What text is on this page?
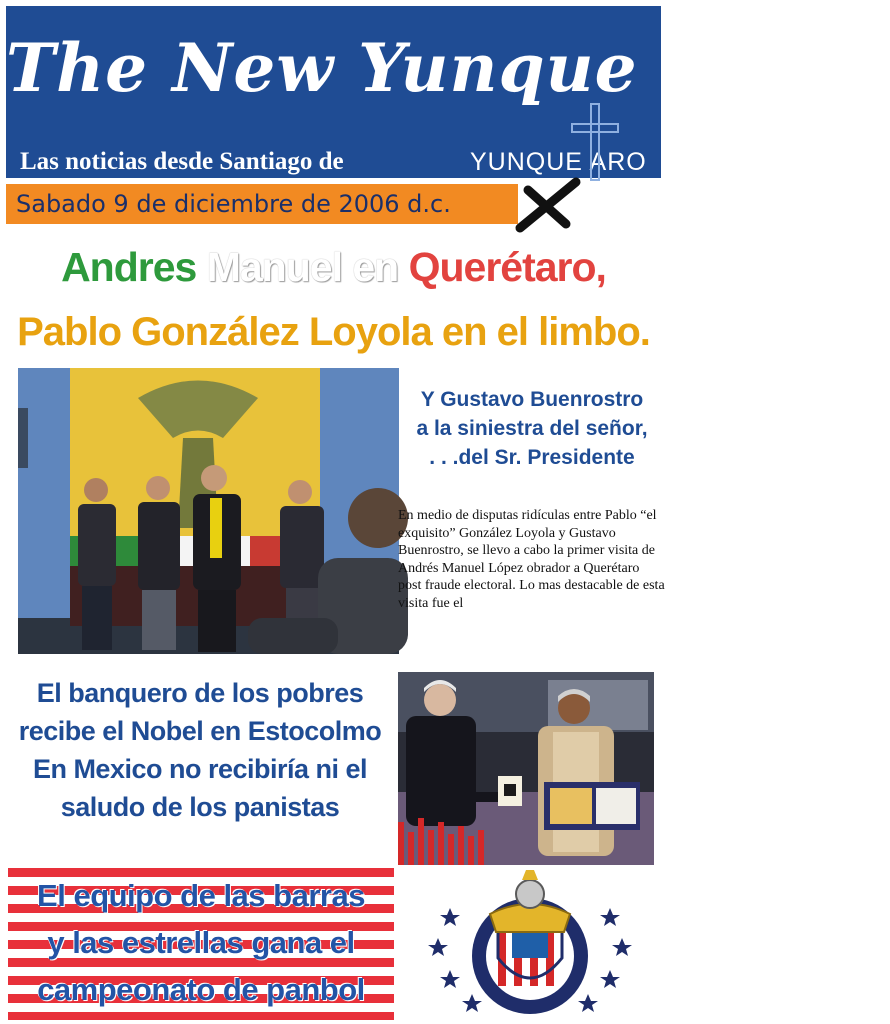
The New Yunque Times
Las noticias desde Santiago de	YUNQUE ARO
Sabado 9 de diciembre de 2006 d.c.
Andres Manuel en Querétaro,
Pablo González Loyola en el limbo.
Y Gustavo Buenrostro
a la siniestra del señor,
. . .del Sr. Presidente
En medio de disputas ridículas entre Pablo “el exquisito” González Loyola y Gustavo Buenrostro, se llevo a cabo la primer visita de Andrés Manuel López obrador a Querétaro post fraude electoral. Lo mas destacable de esta visita fue el
El banquero de los pobres
recibe el Nobel en Estocolmo
En Mexico no recibiría ni el
saludo de los panistas
El equipo de las barras
y las estrellas gana el
campeonato de panbol
